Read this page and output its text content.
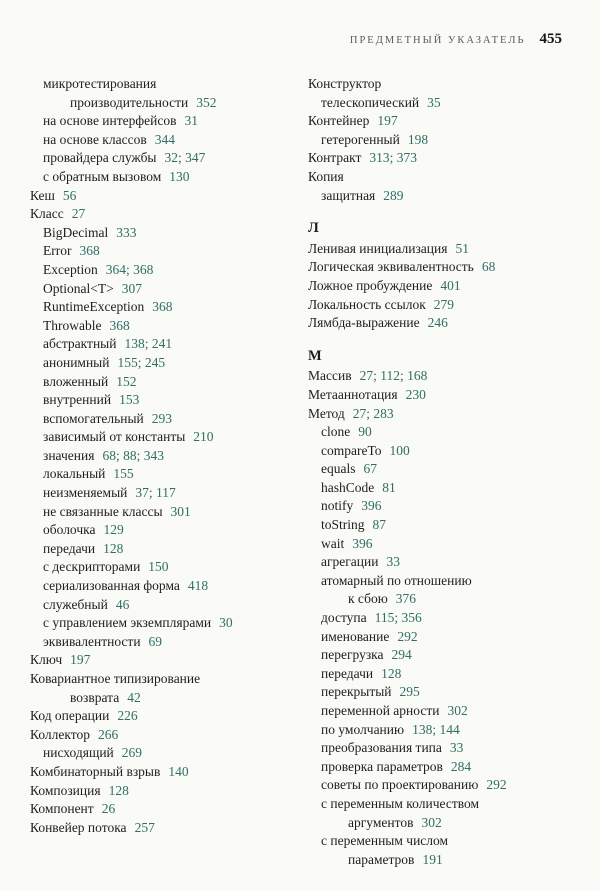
ПРЕДМЕТНЫЙ УКАЗАТЕЛЬ 455
микротестирования
производительности 352
на основе интерфейсов 31
на основе классов 344
провайдера службы 32; 347
с обратным вызовом 130
Кеш 56
Класс 27
BigDecimal 333
Error 368
Exception 364; 368
Optional<T> 307
RuntimeException 368
Throwable 368
абстрактный 138; 241
анонимный 155; 245
вложенный 152
внутренний 153
вспомогательный 293
зависимый от константы 210
значения 68; 88; 343
локальный 155
неизменяемый 37; 117
не связанные классы 301
оболочка 129
передачи 128
с дескрипторами 150
сериализованная форма 418
служебный 46
с управлением экземплярами 30
эквивалентности 69
Ключ 197
Ковариантное типизирование
возврата 42
Код операции 226
Коллектор 266
нисходящий 269
Комбинаторный взрыв 140
Композиция 128
Компонент 26
Конвейер потока 257
Конструктор
телескопический 35
Контейнер 197
гетерогенный 198
Контракт 313; 373
Копия
защитная 289
Л
Ленивая инициализация 51
Логическая эквивалентность 68
Ложное пробуждение 401
Локальность ссылок 279
Лямбда-выражение 246
М
Массив 27; 112; 168
Метааннотация 230
Метод 27; 283
clone 90
compareTo 100
equals 67
hashCode 81
notify 396
toString 87
wait 396
агрегации 33
атомарный по отношению
к сбою 376
доступа 115; 356
именование 292
перегрузка 294
передачи 128
перекрытый 295
переменной арности 302
по умолчанию 138; 144
преобразования типа 33
проверка параметров 284
советы по проектированию 292
с переменным количеством
аргументов 302
с переменным числом
параметров 191
